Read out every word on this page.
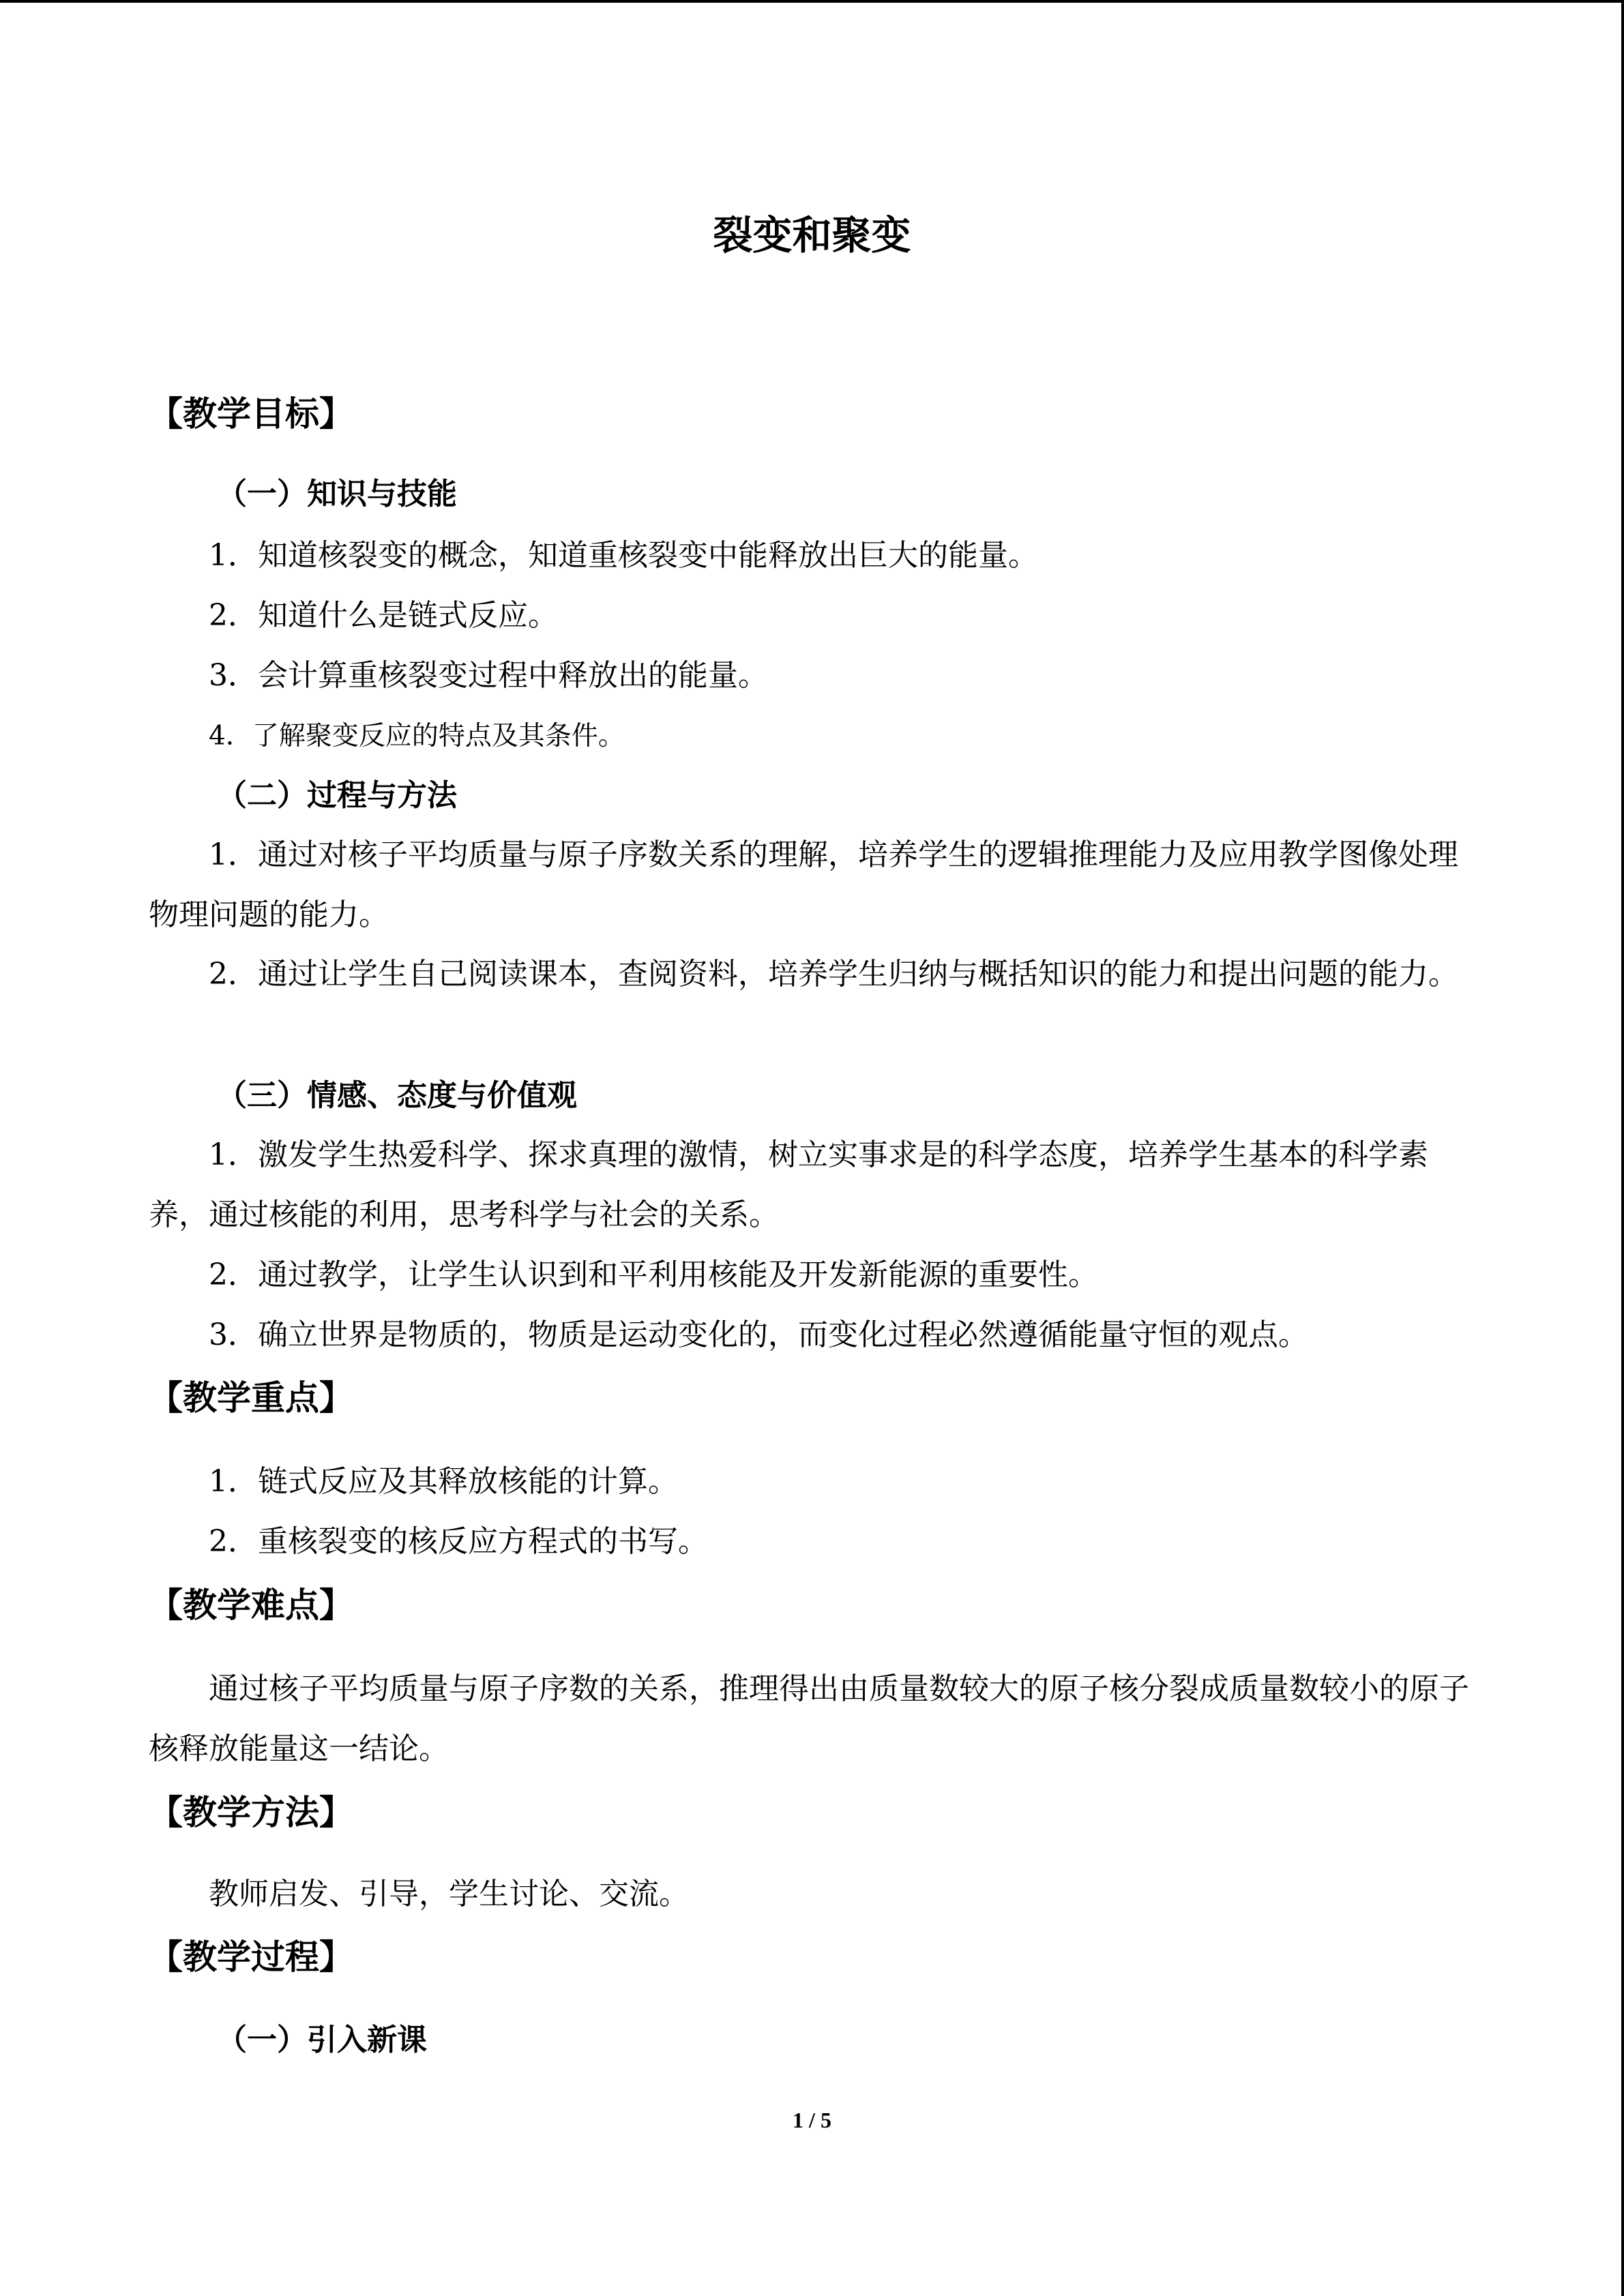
裂变和聚变
【教学目标】
（一）知识与技能
1．知道核裂变的概念，知道重核裂变中能释放出巨大的能量。
2．知道什么是链式反应。
3．会计算重核裂变过程中释放出的能量。
4．了解聚变反应的特点及其条件。
（二）过程与方法

1．通过对核子平均质量与原子序数关系的理解，培养学生的逻辑推理能力及应用教学图像处理物理问题的能力。

2．通过让学生自己阅读课本，查阅资料，培养学生归纳与概括知识的能力和提出问题的能力。

（三）情感、态度与价值观

1．激发学生热爱科学、探求真理的激情，树立实事求是的科学态度，培养学生基本的科学素养，通过核能的利用，思考科学与社会的关系。

2．通过教学，让学生认识到和平利用核能及开发新能源的重要性。
3．确立世界是物质的，物质是运动变化的，而变化过程必然遵循能量守恒的观点。
【教学重点】
1．链式反应及其释放核能的计算。
2．重核裂变的核反应方程式的书写。
【教学难点】

通过核子平均质量与原子序数的关系，推理得出由质量数较大的原子核分裂成质量数较小的原子核释放能量这一结论。

【教学方法】
教师启发、引导，学生讨论、交流。
【教学过程】
（一）引入新课
1 / 5
